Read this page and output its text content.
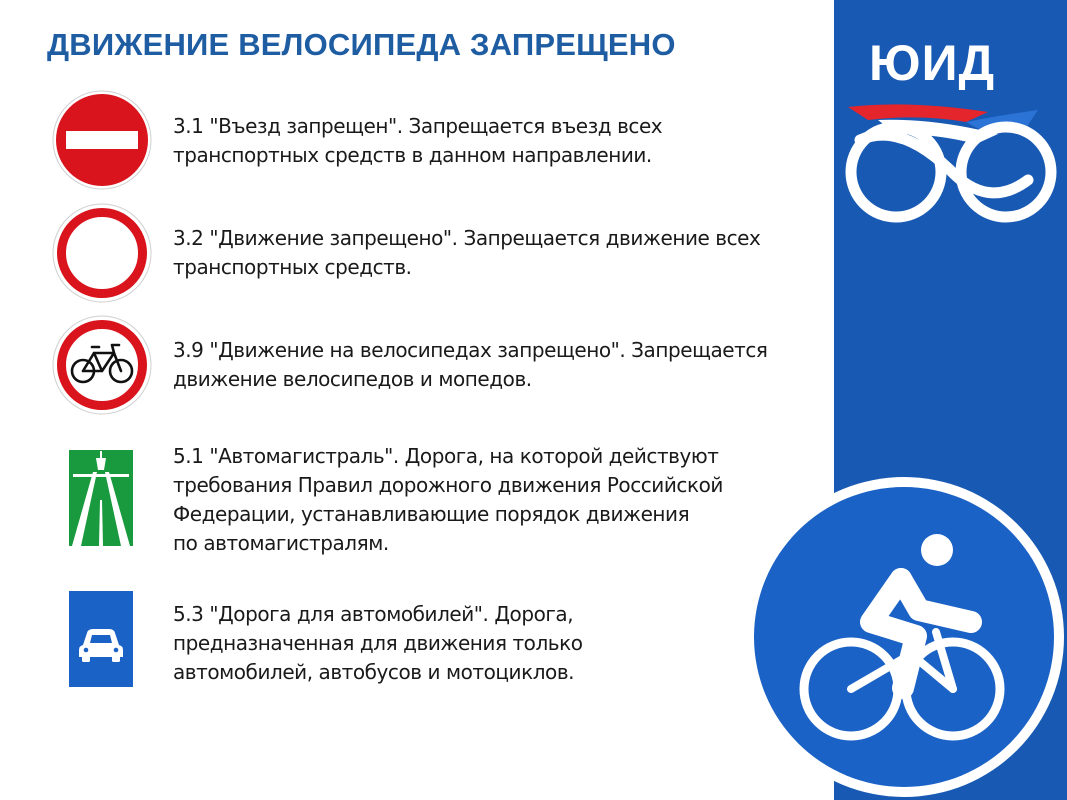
ДВИЖЕНИЕ ВЕЛОСИПЕДА ЗАПРЕЩЕНО

3.1 "Въезд запрещен". Запрещается въезд всех
транспортных средств в данном направлении.

3.2 "Движение запрещено". Запрещается движение всех
транспортных средств.

3.9 "Движение на велосипедах запрещено". Запрещается
движение велосипедов и мопедов.

5.1 "Автомагистраль". Дорога, на которой действуют
требования Правил дорожного движения Российской
Федерации, устанавливающие порядок движения
по автомагистралям.

5.3 "Дорога для автомобилей". Дорога,
предназначенная для движения только
автомобилей, автобусов и мотоциклов.

ЮИД
